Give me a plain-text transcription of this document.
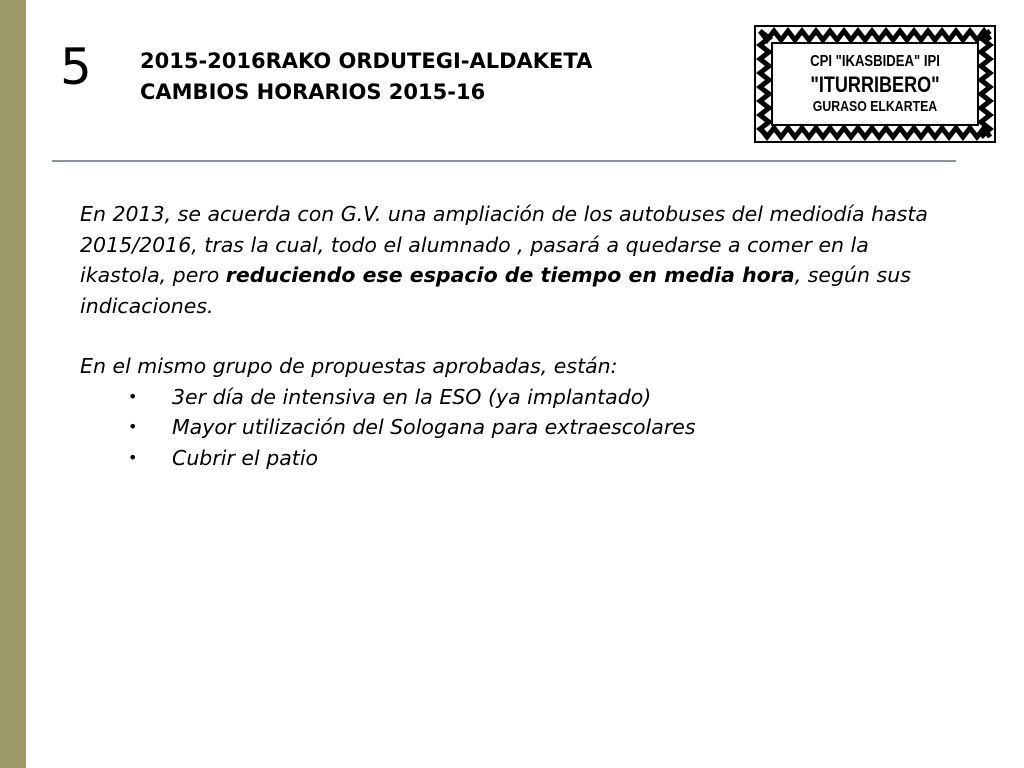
5 2015-2016RAKO ORDUTEGI-ALDAKETA
CAMBIOS HORARIOS 2015-16
CPI "IKASBIDEA" IPI
"ITURRIBERO"
GURASO ELKARTEA

En 2013, se acuerda con G.V. una ampliación de los autobuses del mediodía hasta 2015/2016, tras la cual, todo el alumnado , pasará a quedarse a comer en la ikastola, pero reduciendo ese espacio de tiempo en media hora, según sus indicaciones.

En el mismo grupo de propuestas aprobadas, están:

• 3er día de intensiva en la ESO (ya implantado)
• Mayor utilización del Sologana para extraescolares
• Cubrir el patio
